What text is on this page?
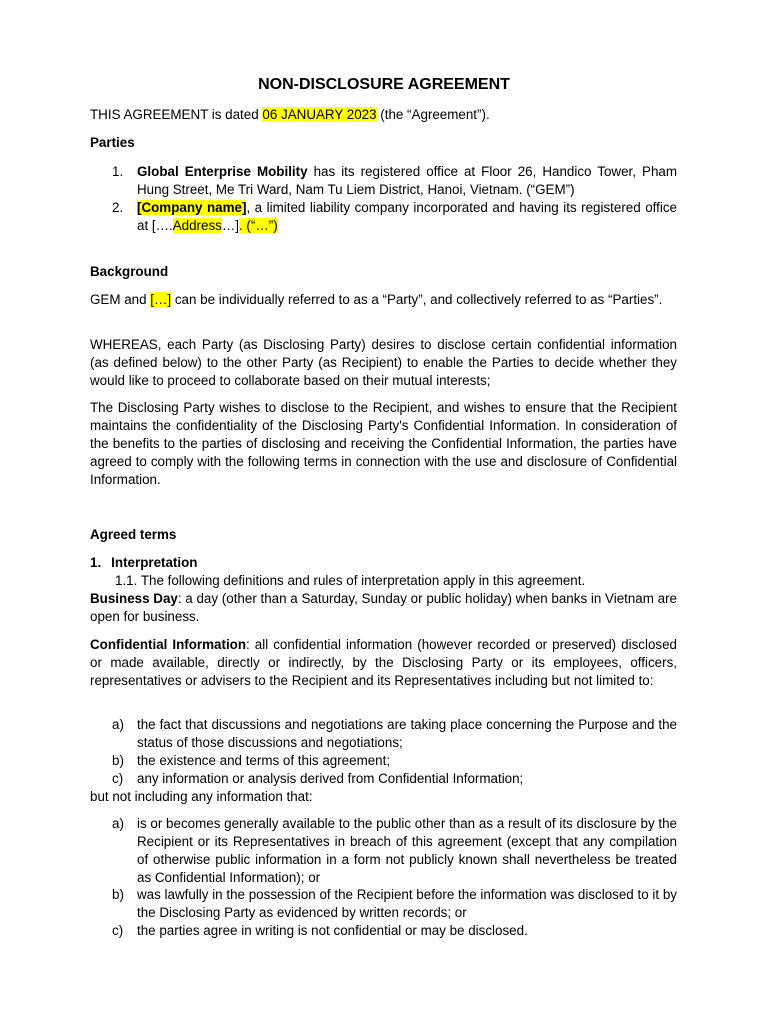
NON-DISCLOSURE AGREEMENT

THIS AGREEMENT is dated 06 JANUARY 2023 (the “Agreement”).

Parties

1. Global Enterprise Mobility has its registered office at Floor 26, Handico Tower, Pham Hung Street, Me Tri Ward, Nam Tu Liem District, Hanoi, Vietnam. (“GEM”)

2. [Company name], a limited liability company incorporated and having its registered office at [….Address…]. (“…”)

Background

GEM and […] can be individually referred to as a “Party”, and collectively referred to as “Parties”.

WHEREAS, each Party (as Disclosing Party) desires to disclose certain confidential information (as defined below) to the other Party (as Recipient) to enable the Parties to decide whether they would like to proceed to collaborate based on their mutual interests;

The Disclosing Party wishes to disclose to the Recipient, and wishes to ensure that the Recipient maintains the confidentiality of the Disclosing Party's Confidential Information. In consideration of the benefits to the parties of disclosing and receiving the Confidential Information, the parties have agreed to comply with the following terms in connection with the use and disclosure of Confidential Information.

Agreed terms

1. Interpretation

1.1. The following definitions and rules of interpretation apply in this agreement.

Business Day: a day (other than a Saturday, Sunday or public holiday) when banks in Vietnam are open for business.

Confidential Information: all confidential information (however recorded or preserved) disclosed or made available, directly or indirectly, by the Disclosing Party or its employees, officers, representatives or advisers to the Recipient and its Representatives including but not limited to:

a) the fact that discussions and negotiations are taking place concerning the Purpose and the status of those discussions and negotiations;

b) the existence and terms of this agreement;

c) any information or analysis derived from Confidential Information;

but not including any information that:

a) is or becomes generally available to the public other than as a result of its disclosure by the Recipient or its Representatives in breach of this agreement (except that any compilation of otherwise public information in a form not publicly known shall nevertheless be treated as Confidential Information); or

b) was lawfully in the possession of the Recipient before the information was disclosed to it by the Disclosing Party as evidenced by written records; or

c) the parties agree in writing is not confidential or may be disclosed.
